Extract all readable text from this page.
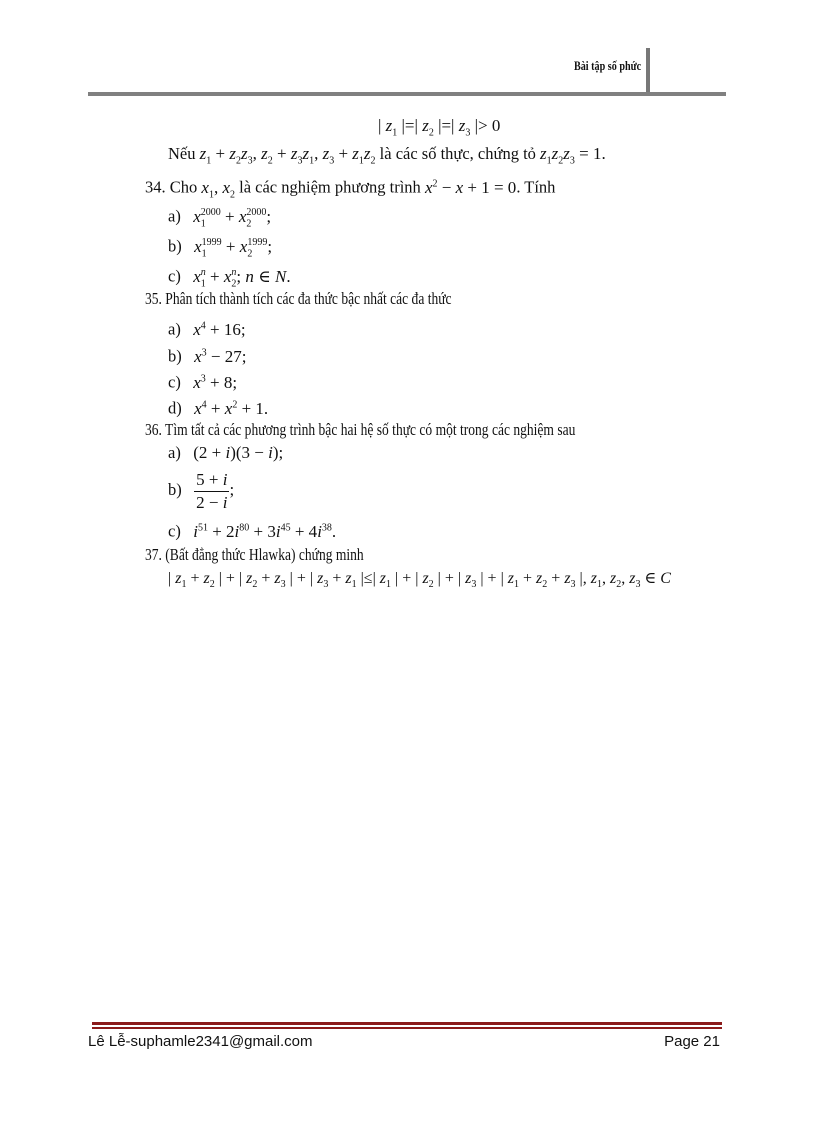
Bài tập số phức
| $z_1$ |=| $z_2$ |=| $z_3$ |> 0
Nếu $z_1 + z_2z_3$, $z_2 + z_3z_1$, $z_3 + z_1z_2$ là các số thực, chứng tỏ $z_1z_2z_3 = 1$.
34. Cho $x_1$, $x_2$ là các nghiệm phương trình $x^2 - x + 1 = 0$. Tính
a) $x_1^{2000} + x_2^{2000}$;
b) $x_1^{1999} + x_2^{1999}$;
c) $x_1^n + x_2^n$; n ∈ N.
35. Phân tích thành tích các đa thức bậc nhất các đa thức
a) $x^4 + 16$;
b) $x^3 - 27$;
c) $x^3 + 8$;
d) $x^4 + x^2 + 1$.
36. Tìm tất cả các phương trình bậc hai hệ số thực có một trong các nghiệm sau
a) (2 + i)(3 − i);
$b) \frac{5 + i}{2 - i}$ ;
c) $i^{51} + 2i^{80} + 3i^{45} + 4i^{38}$.
37. (Bất đẳng thức Hlawka) chứng minh
| $z_1 + z_2$ | + | $z_2 + z_3$ | + | $z_3 + z_1$ |≤| $z_1$ | + | $z_2$ | + | $z_3$ | + | $z_1 + z_2 + z_3$ |, $z_1$, $z_2$, $z_3$ ∈ C
Lê Lễ-suphamle2341@gmail.com	Page 21
